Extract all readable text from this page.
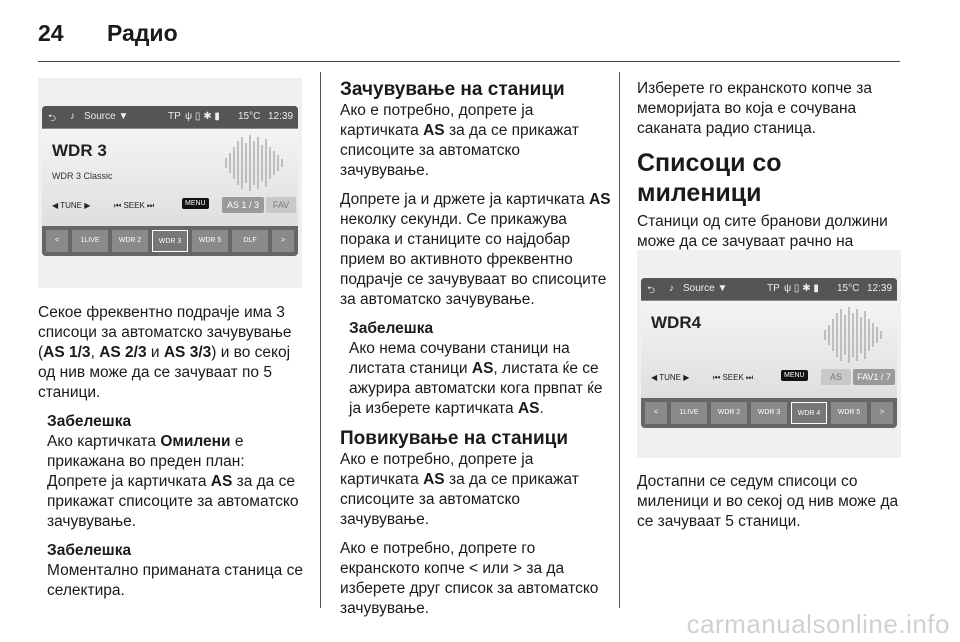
24 Радио
⮌ ♪ Source ▼	TP ψ ▯ ✱ ▮ 15°C 12:39
WDR 3
WDR 3 Classic
◀ TUNE ▶	⏮ SEEK ⏭	MENU	AS 1 / 3	FAV
<	1LIVE	WDR 2	WDR 3	WDR 5	DLF	>

Секое фреквентно подрачје има 3 списоци за автоматско зачувување (AS 1/3, AS 2/3 и AS 3/3) и во секој од нив може да се зачуваат по 5 станици.

Забелешка
Ако картичката Омилени е прикажана во преден план:

Допрете ја картичката AS за да се прикажат списоците за автоматско зачувување.

Забелешка
Моментално приманата станица се селектира.
Зачувување на станици

Ако е потребно, допрете ја картичката AS за да се прикажат списоците за автоматско зачувување.

Допрете ја и држете ја картичката AS неколку секунди. Се прикажува порака и станиците со најдобар прием во активното фреквентно подрачје се зачувуваат во списоците за автоматско зачувување.

Забелешка

Ако нема сочувани станици на листата станици AS, листата ќе се ажурира автоматски кога првпат ќе ја изберете картичката AS.

Повикување на станици

Ако е потребно, допрете ја картичката AS за да се прикажат списоците за автоматско зачувување.

Ако е потребно, допрете го екранското копче < или > за да изберете друг список за автоматско зачувување.

Изберете го екранското копче за меморијата во која е сочувана саканата радио станица.

Списоци со миленици

Станици од сите бранови должини може да се зачуваат рачно на

⮌ ♪ Source ▼	TP ψ ▯ ✱ ▮ 15°C 12:39
WDR4
◀ TUNE ▶	⏮ SEEK ⏭	MENU	AS	FAV1 / 7
<	1LIVE	WDR 2	WDR 3	WDR 4	WDR 5	>

Достапни се седум списоци со миленици и во секој од нив може да се зачуваат 5 станици.

carmanualsonline.info
